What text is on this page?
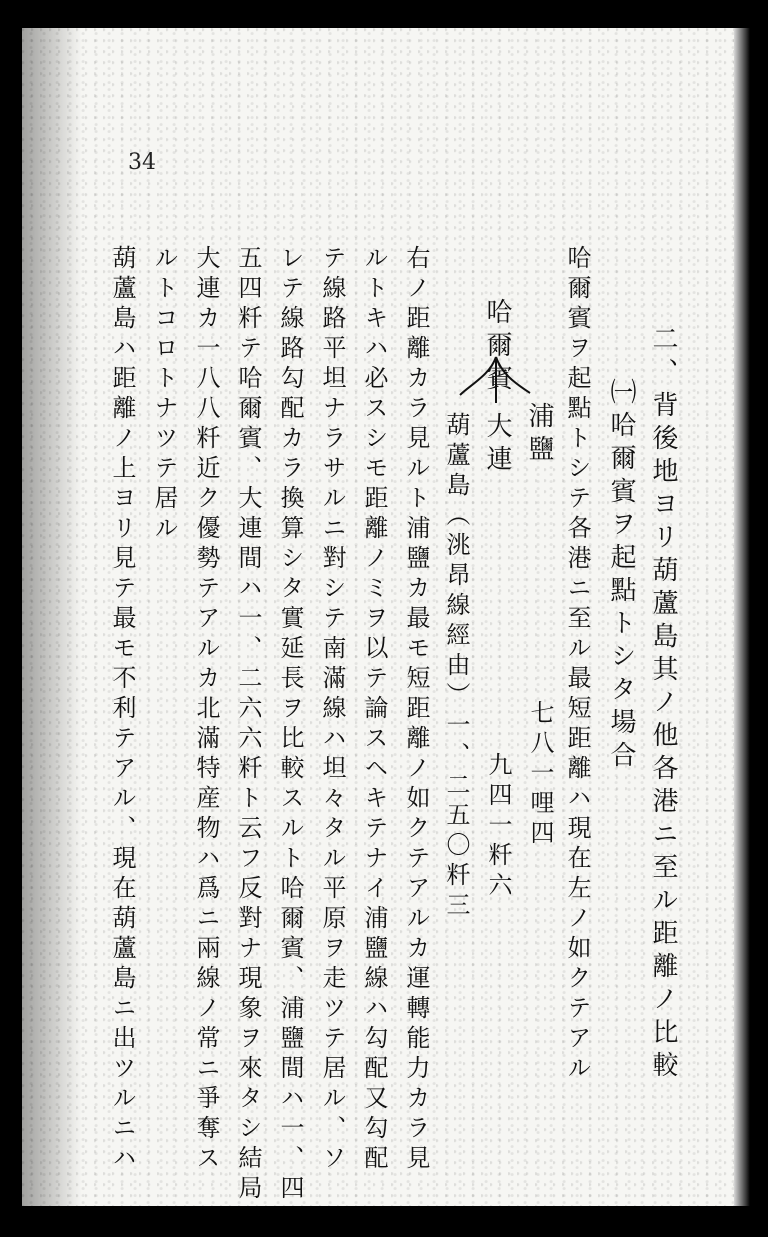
34
二、背後地ヨリ葫蘆島其ノ他各港ニ至ル距離ノ比較
㈠哈爾賓ヲ起點トシタ場合
哈爾賓ヲ起點トシテ各港ニ至ル最短距離ハ現在左ノ如クテアル
哈爾賓
浦鹽
七八一哩四
大連
九四一粁六
葫蘆島（洮昂線經由）
一、二五〇粁三
右ノ距離カラ見ルト浦鹽カ最モ短距離ノ如クテアルカ運轉能力カラ見
ルトキハ必スシモ距離ノミヲ以テ論スヘキテナイ浦鹽線ハ勾配又勾配
テ線路平坦ナラサルニ對シテ南滿線ハ坦々タル平原ヲ走ツテ居ル、ソ
レテ線路勾配カラ換算シタ實延長ヲ比較スルト哈爾賓、浦鹽間ハ一、四
五四粁テ哈爾賓、大連間ハ一、二六六粁ト云フ反對ナ現象ヲ來タシ結局
大連カ一八八粁近ク優勢テアルカ北滿特産物ハ爲ニ兩線ノ常ニ爭奪ス
ルトコロトナツテ居ル
葫蘆島ハ距離ノ上ヨリ見テ最モ不利テアル、現在葫蘆島ニ出ツルニハ
